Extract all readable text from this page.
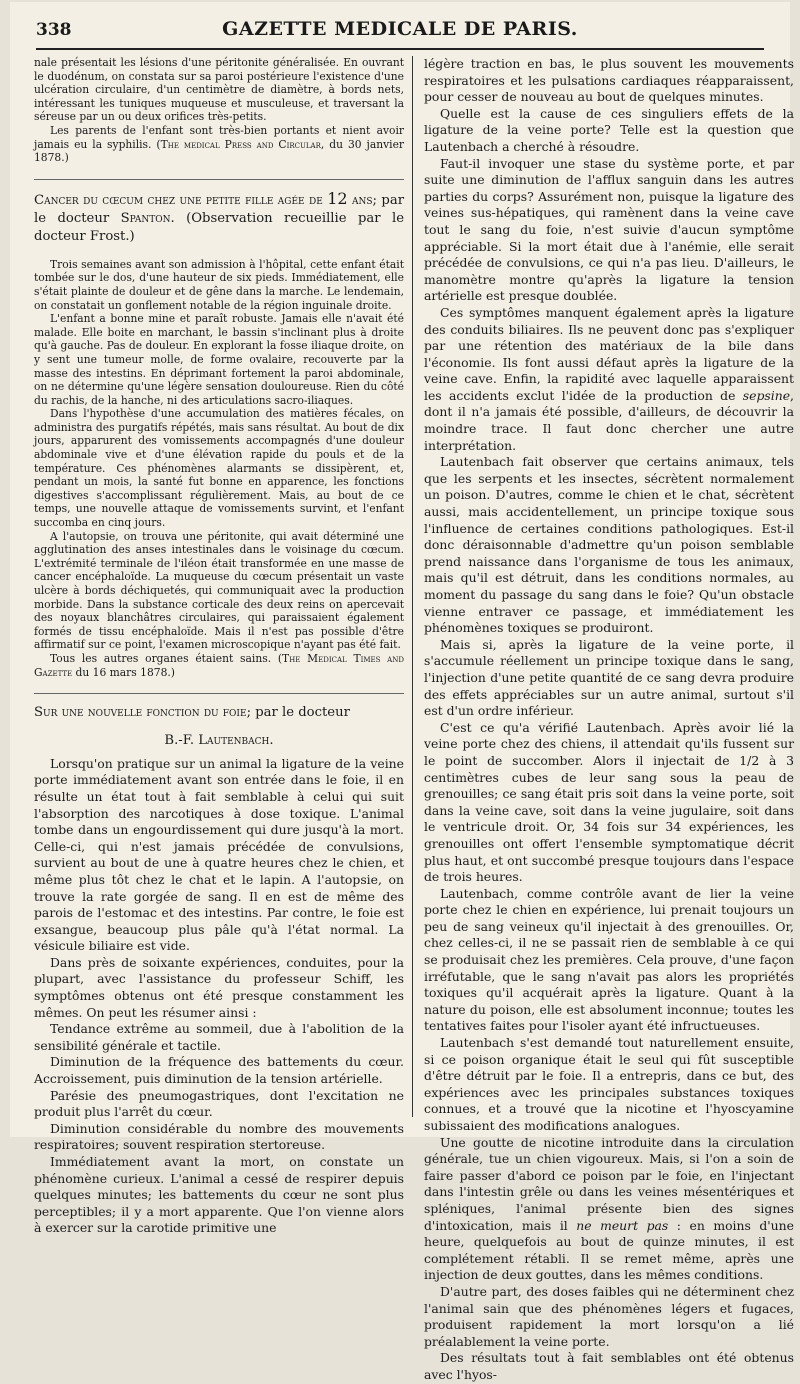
338	GAZETTE MEDICALE DE PARIS.

nale présentait les lésions d'une péritonite généralisée. En ouvrant le duodénum, on constata sur sa paroi postérieure l'existence d'une ulcération circulaire, d'un centimètre de diamètre, à bords nets, intéressant les tuniques muqueuse et musculeuse, et traversant la séreuse par un ou deux orifices très-petits.

Les parents de l'enfant sont très-bien portants et nient avoir jamais eu la syphilis. (The medical Press and Circular, du 30 janvier 1878.)

Cancer du cœcum chez une petite fille agée de 12 ans; par le docteur Spanton. (Observation recueillie par le docteur Frost.)

Trois semaines avant son admission à l'hôpital, cette enfant était tombée sur le dos, d'une hauteur de six pieds. Immédiatement, elle s'était plainte de douleur et de gêne dans la marche. Le lendemain, on constatait un gonflement notable de la région inguinale droite.

L'enfant a bonne mine et paraît robuste. Jamais elle n'avait été malade. Elle boite en marchant, le bassin s'inclinant plus à droite qu'à gauche. Pas de douleur. En explorant la fosse iliaque droite, on y sent une tumeur molle, de forme ovalaire, recouverte par la masse des intestins. En déprimant fortement la paroi abdominale, on ne détermine qu'une légère sensation douloureuse. Rien du côté du rachis, de la hanche, ni des articulations sacro-iliaques.

Dans l'hypothèse d'une accumulation des matières fécales, on administra des purgatifs répétés, mais sans résultat. Au bout de dix jours, apparurent des vomissements accompagnés d'une douleur abdominale vive et d'une élévation rapide du pouls et de la température. Ces phénomènes alarmants se dissipèrent, et, pendant un mois, la santé fut bonne en apparence, les fonctions digestives s'accomplissant régulièrement. Mais, au bout de ce temps, une nouvelle attaque de vomissements survint, et l'enfant succomba en cinq jours.

A l'autopsie, on trouva une péritonite, qui avait déterminé une agglutination des anses intestinales dans le voisinage du cœcum. L'extrémité terminale de l'iléon était transformée en une masse de cancer encéphaloïde. La muqueuse du cœcum présentait un vaste ulcère à bords déchiquetés, qui communiquait avec la production morbide. Dans la substance corticale des deux reins on apercevait des noyaux blanchâtres circulaires, qui paraissaient également formés de tissu encéphaloïde. Mais il n'est pas possible d'être affirmatif sur ce point, l'examen microscopique n'ayant pas été fait.

Tous les autres organes étaient sains. (The Medical Times and Gazette du 16 mars 1878.)

Sur une nouvelle fonction du foie; par le docteur

B.-F. Lautenbach.

Lorsqu'on pratique sur un animal la ligature de la veine porte immédiatement avant son entrée dans le foie, il en résulte un état tout à fait semblable à celui qui suit l'absorption des narcotiques à dose toxique. L'animal tombe dans un engourdissement qui dure jusqu'à la mort. Celle-ci, qui n'est jamais précédée de convulsions, survient au bout de une à quatre heures chez le chien, et même plus tôt chez le chat et le lapin. A l'autopsie, on trouve la rate gorgée de sang. Il en est de même des parois de l'estomac et des intestins. Par contre, le foie est exsangue, beaucoup plus pâle qu'à l'état normal. La vésicule biliaire est vide.

Dans près de soixante expériences, conduites, pour la plupart, avec l'assistance du professeur Schiff, les symptômes obtenus ont été presque constamment les mêmes. On peut les résumer ainsi :

Tendance extrême au sommeil, due à l'abolition de la sensibilité générale et tactile.

Diminution de la fréquence des battements du cœur. Accroissement, puis diminution de la tension artérielle.

Parésie des pneumogastriques, dont l'excitation ne produit plus l'arrêt du cœur.

Diminution considérable du nombre des mouvements respiratoires; souvent respiration stertoreuse.

Immédiatement avant la mort, on constate un phénomène curieux. L'animal a cessé de respirer depuis quelques minutes; les battements du cœur ne sont plus perceptibles; il y a mort apparente. Que l'on vienne alors à exercer sur la carotide primitive une

légère traction en bas, le plus souvent les mouvements respiratoires et les pulsations cardiaques réapparaissent, pour cesser de nouveau au bout de quelques minutes.

Quelle est la cause de ces singuliers effets de la ligature de la veine porte? Telle est la question que Lautenbach a cherché à résoudre.

Faut-il invoquer une stase du système porte, et par suite une diminution de l'afflux sanguin dans les autres parties du corps? Assurément non, puisque la ligature des veines sus-hépatiques, qui ramènent dans la veine cave tout le sang du foie, n'est suivie d'aucun symptôme appréciable. Si la mort était due à l'anémie, elle serait précédée de convulsions, ce qui n'a pas lieu. D'ailleurs, le manomètre montre qu'après la ligature la tension artérielle est presque doublée.

Ces symptômes manquent également après la ligature des conduits biliaires. Ils ne peuvent donc pas s'expliquer par une rétention des matériaux de la bile dans l'économie. Ils font aussi défaut après la ligature de la veine cave. Enfin, la rapidité avec laquelle apparaissent les accidents exclut l'idée de la production de sepsine, dont il n'a jamais été possible, d'ailleurs, de découvrir la moindre trace. Il faut donc chercher une autre interprétation.

Lautenbach fait observer que certains animaux, tels que les serpents et les insectes, sécrètent normalement un poison. D'autres, comme le chien et le chat, sécrètent aussi, mais accidentellement, un principe toxique sous l'influence de certaines conditions pathologiques. Est-il donc déraisonnable d'admettre qu'un poison semblable prend naissance dans l'organisme de tous les animaux, mais qu'il est détruit, dans les conditions normales, au moment du passage du sang dans le foie? Qu'un obstacle vienne entraver ce passage, et immédiatement les phénomènes toxiques se produiront.

Mais si, après la ligature de la veine porte, il s'accumule réellement un principe toxique dans le sang, l'injection d'une petite quantité de ce sang devra produire des effets appréciables sur un autre animal, surtout s'il est d'un ordre inférieur.

C'est ce qu'a vérifié Lautenbach. Après avoir lié la veine porte chez des chiens, il attendait qu'ils fussent sur le point de succomber. Alors il injectait de 1/2 à 3 centimètres cubes de leur sang sous la peau de grenouilles; ce sang était pris soit dans la veine porte, soit dans la veine cave, soit dans la veine jugulaire, soit dans le ventricule droit. Or, 34 fois sur 34 expériences, les grenouilles ont offert l'ensemble symptomatique décrit plus haut, et ont succombé presque toujours dans l'espace de trois heures.

Lautenbach, comme contrôle avant de lier la veine porte chez le chien en expérience, lui prenait toujours un peu de sang veineux qu'il injectait à des grenouilles. Or, chez celles-ci, il ne se passait rien de semblable à ce qui se produisait chez les premières. Cela prouve, d'une façon irréfutable, que le sang n'avait pas alors les propriétés toxiques qu'il acquérait après la ligature. Quant à la nature du poison, elle est absolument inconnue; toutes les tentatives faites pour l'isoler ayant été infructueuses.

Lautenbach s'est demandé tout naturellement ensuite, si ce poison organique était le seul qui fût susceptible d'être détruit par le foie. Il a entrepris, dans ce but, des expériences avec les principales substances toxiques connues, et a trouvé que la nicotine et l'hyoscyamine subissaient des modifications analogues.

Une goutte de nicotine introduite dans la circulation générale, tue un chien vigoureux. Mais, si l'on a soin de faire passer d'abord ce poison par le foie, en l'injectant dans l'intestin grêle ou dans les veines mésentériques et spléniques, l'animal présente bien des signes d'intoxication, mais il ne meurt pas : en moins d'une heure, quelquefois au bout de quinze minutes, il est complétement rétabli. Il se remet même, après une injection de deux gouttes, dans les mêmes conditions.

D'autre part, des doses faibles qui ne déterminent chez l'animal sain que des phénomènes légers et fugaces, produisent rapidement la mort lorsqu'on a lié préalablement la veine porte.

Des résultats tout à fait semblables ont été obtenus avec l'hyos-
